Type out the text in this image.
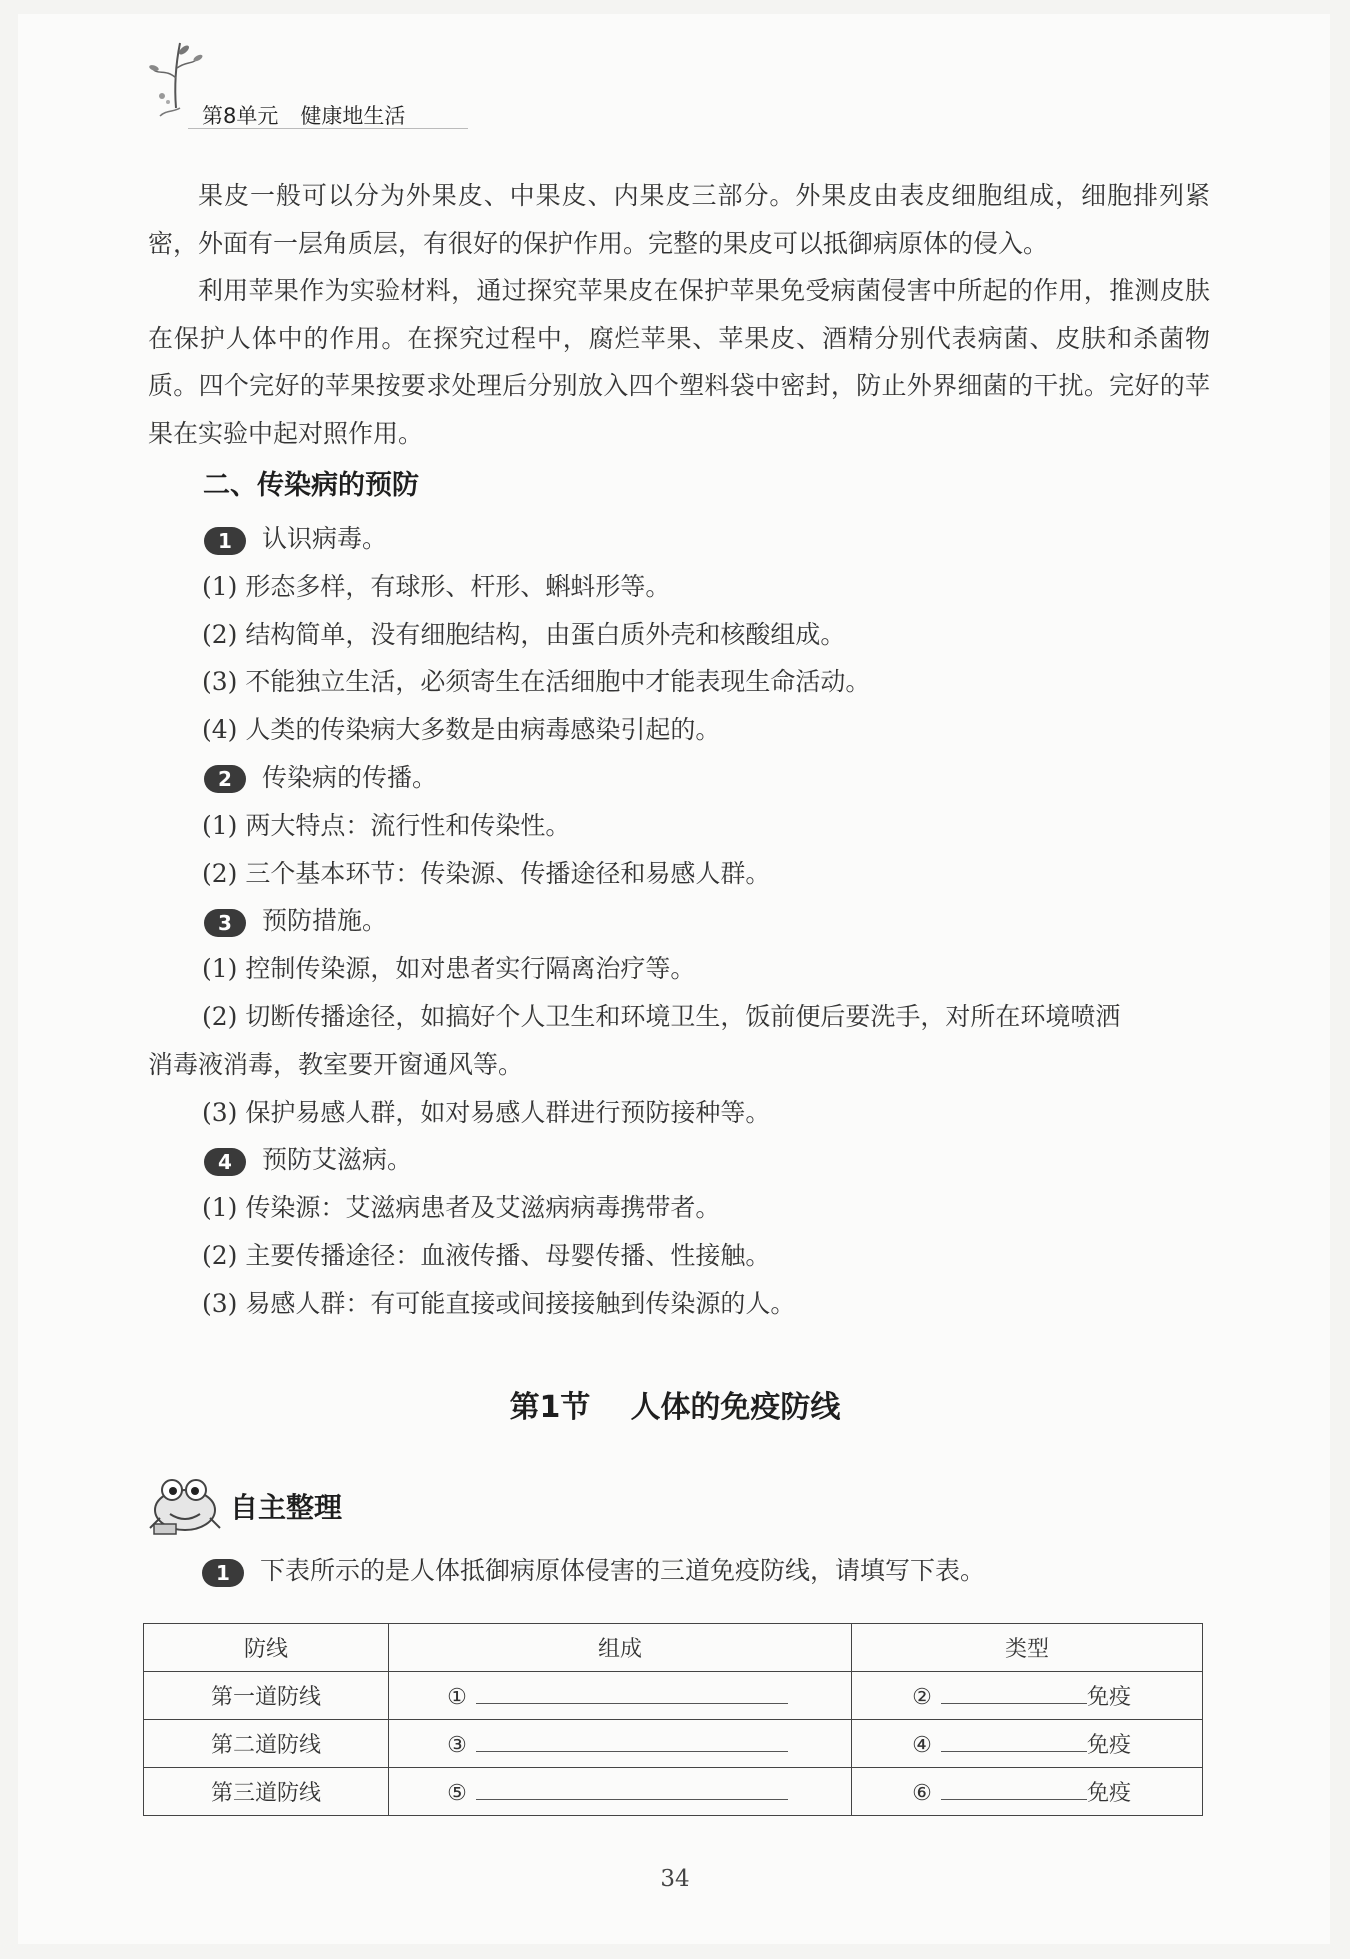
第8单元 健康地生活

果皮一般可以分为外果皮、中果皮、内果皮三部分。外果皮由表皮细胞组成，细胞排列紧密，外面有一层角质层，有很好的保护作用。完整的果皮可以抵御病原体的侵入。

利用苹果作为实验材料，通过探究苹果皮在保护苹果免受病菌侵害中所起的作用，推测皮肤在保护人体中的作用。在探究过程中，腐烂苹果、苹果皮、酒精分别代表病菌、皮肤和杀菌物质。四个完好的苹果按要求处理后分别放入四个塑料袋中密封，防止外界细菌的干扰。完好的苹果在实验中起对照作用。

二、传染病的预防
1 认识病毒。
(1) 形态多样，有球形、杆形、蝌蚪形等。
(2) 结构简单，没有细胞结构，由蛋白质外壳和核酸组成。
(3) 不能独立生活，必须寄生在活细胞中才能表现生命活动。
(4) 人类的传染病大多数是由病毒感染引起的。
2 传染病的传播。
(1) 两大特点：流行性和传染性。
(2) 三个基本环节：传染源、传播途径和易感人群。
3 预防措施。
(1) 控制传染源，如对患者实行隔离治疗等。
(2) 切断传播途径，如搞好个人卫生和环境卫生，饭前便后要洗手，对所在环境喷洒
消毒液消毒，教室要开窗通风等。
(3) 保护易感人群，如对易感人群进行预防接种等。
4 预防艾滋病。
(1) 传染源：艾滋病患者及艾滋病病毒携带者。
(2) 主要传播途径：血液传播、母婴传播、性接触。
(3) 易感人群：有可能直接或间接接触到传染源的人。
第1节 人体的免疫防线
自主整理
1 下表所示的是人体抵御病原体侵害的三道免疫防线，请填写下表。
防线	组成	类型
第一道防线	①	② 免疫
第二道防线	③	④ 免疫
第三道防线	⑤	⑥ 免疫
34
